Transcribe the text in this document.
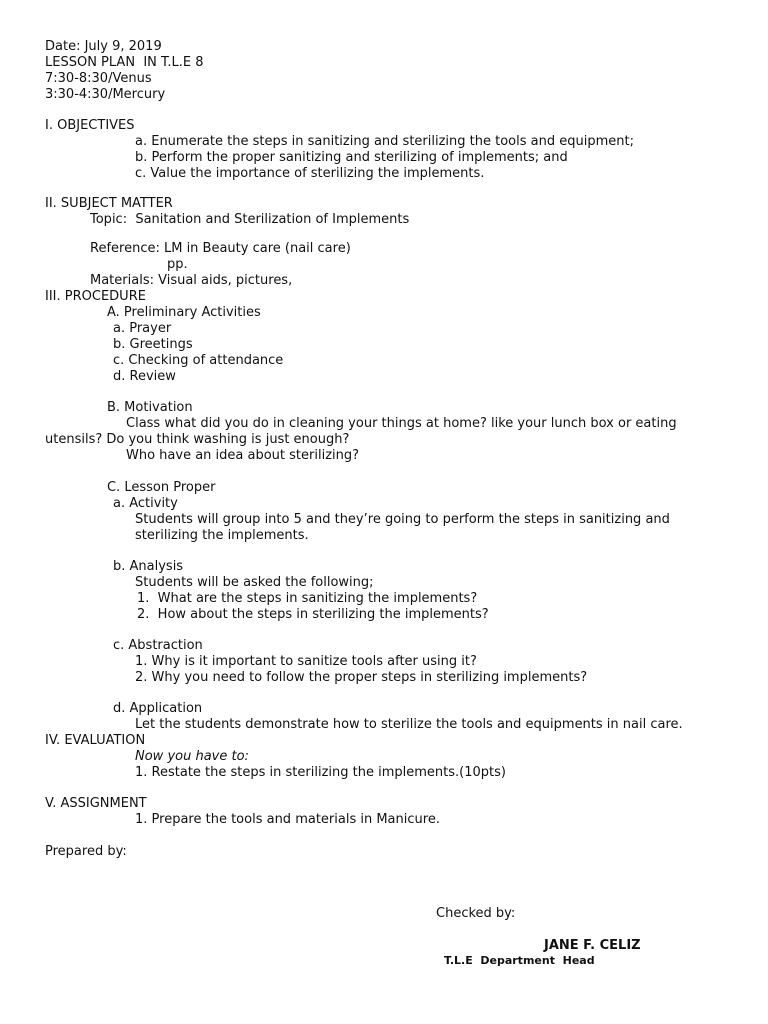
Date: July 9, 2019
LESSON PLAN  IN T.L.E 8
7:30-8:30/Venus
3:30-4:30/Mercury
I. OBJECTIVES
a. Enumerate the steps in sanitizing and sterilizing the tools and equipment;
b. Perform the proper sanitizing and sterilizing of implements; and
c. Value the importance of sterilizing the implements.
II. SUBJECT MATTER
Topic:  Sanitation and Sterilization of Implements
Reference: LM in Beauty care (nail care)
pp.
Materials: Visual aids, pictures,
III. PROCEDURE
A. Preliminary Activities
a. Prayer
b. Greetings
c. Checking of attendance
d. Review
B. Motivation
Class what did you do in cleaning your things at home? like your lunch box or eating
utensils? Do you think washing is just enough?
Who have an idea about sterilizing?
C. Lesson Proper
a. Activity
Students will group into 5 and they’re going to perform the steps in sanitizing and
sterilizing the implements.
b. Analysis
Students will be asked the following;
1.  What are the steps in sanitizing the implements?
2.  How about the steps in sterilizing the implements?
c. Abstraction
1. Why is it important to sanitize tools after using it?
2. Why you need to follow the proper steps in sterilizing implements?
d. Application
Let the students demonstrate how to sterilize the tools and equipments in nail care.
IV. EVALUATION
Now you have to:
1. Restate the steps in sterilizing the implements.(10pts)
V. ASSIGNMENT
1. Prepare the tools and materials in Manicure.
Prepared by:
Checked by:
JANE F. CELIZ
T.L.E  Department  Head
